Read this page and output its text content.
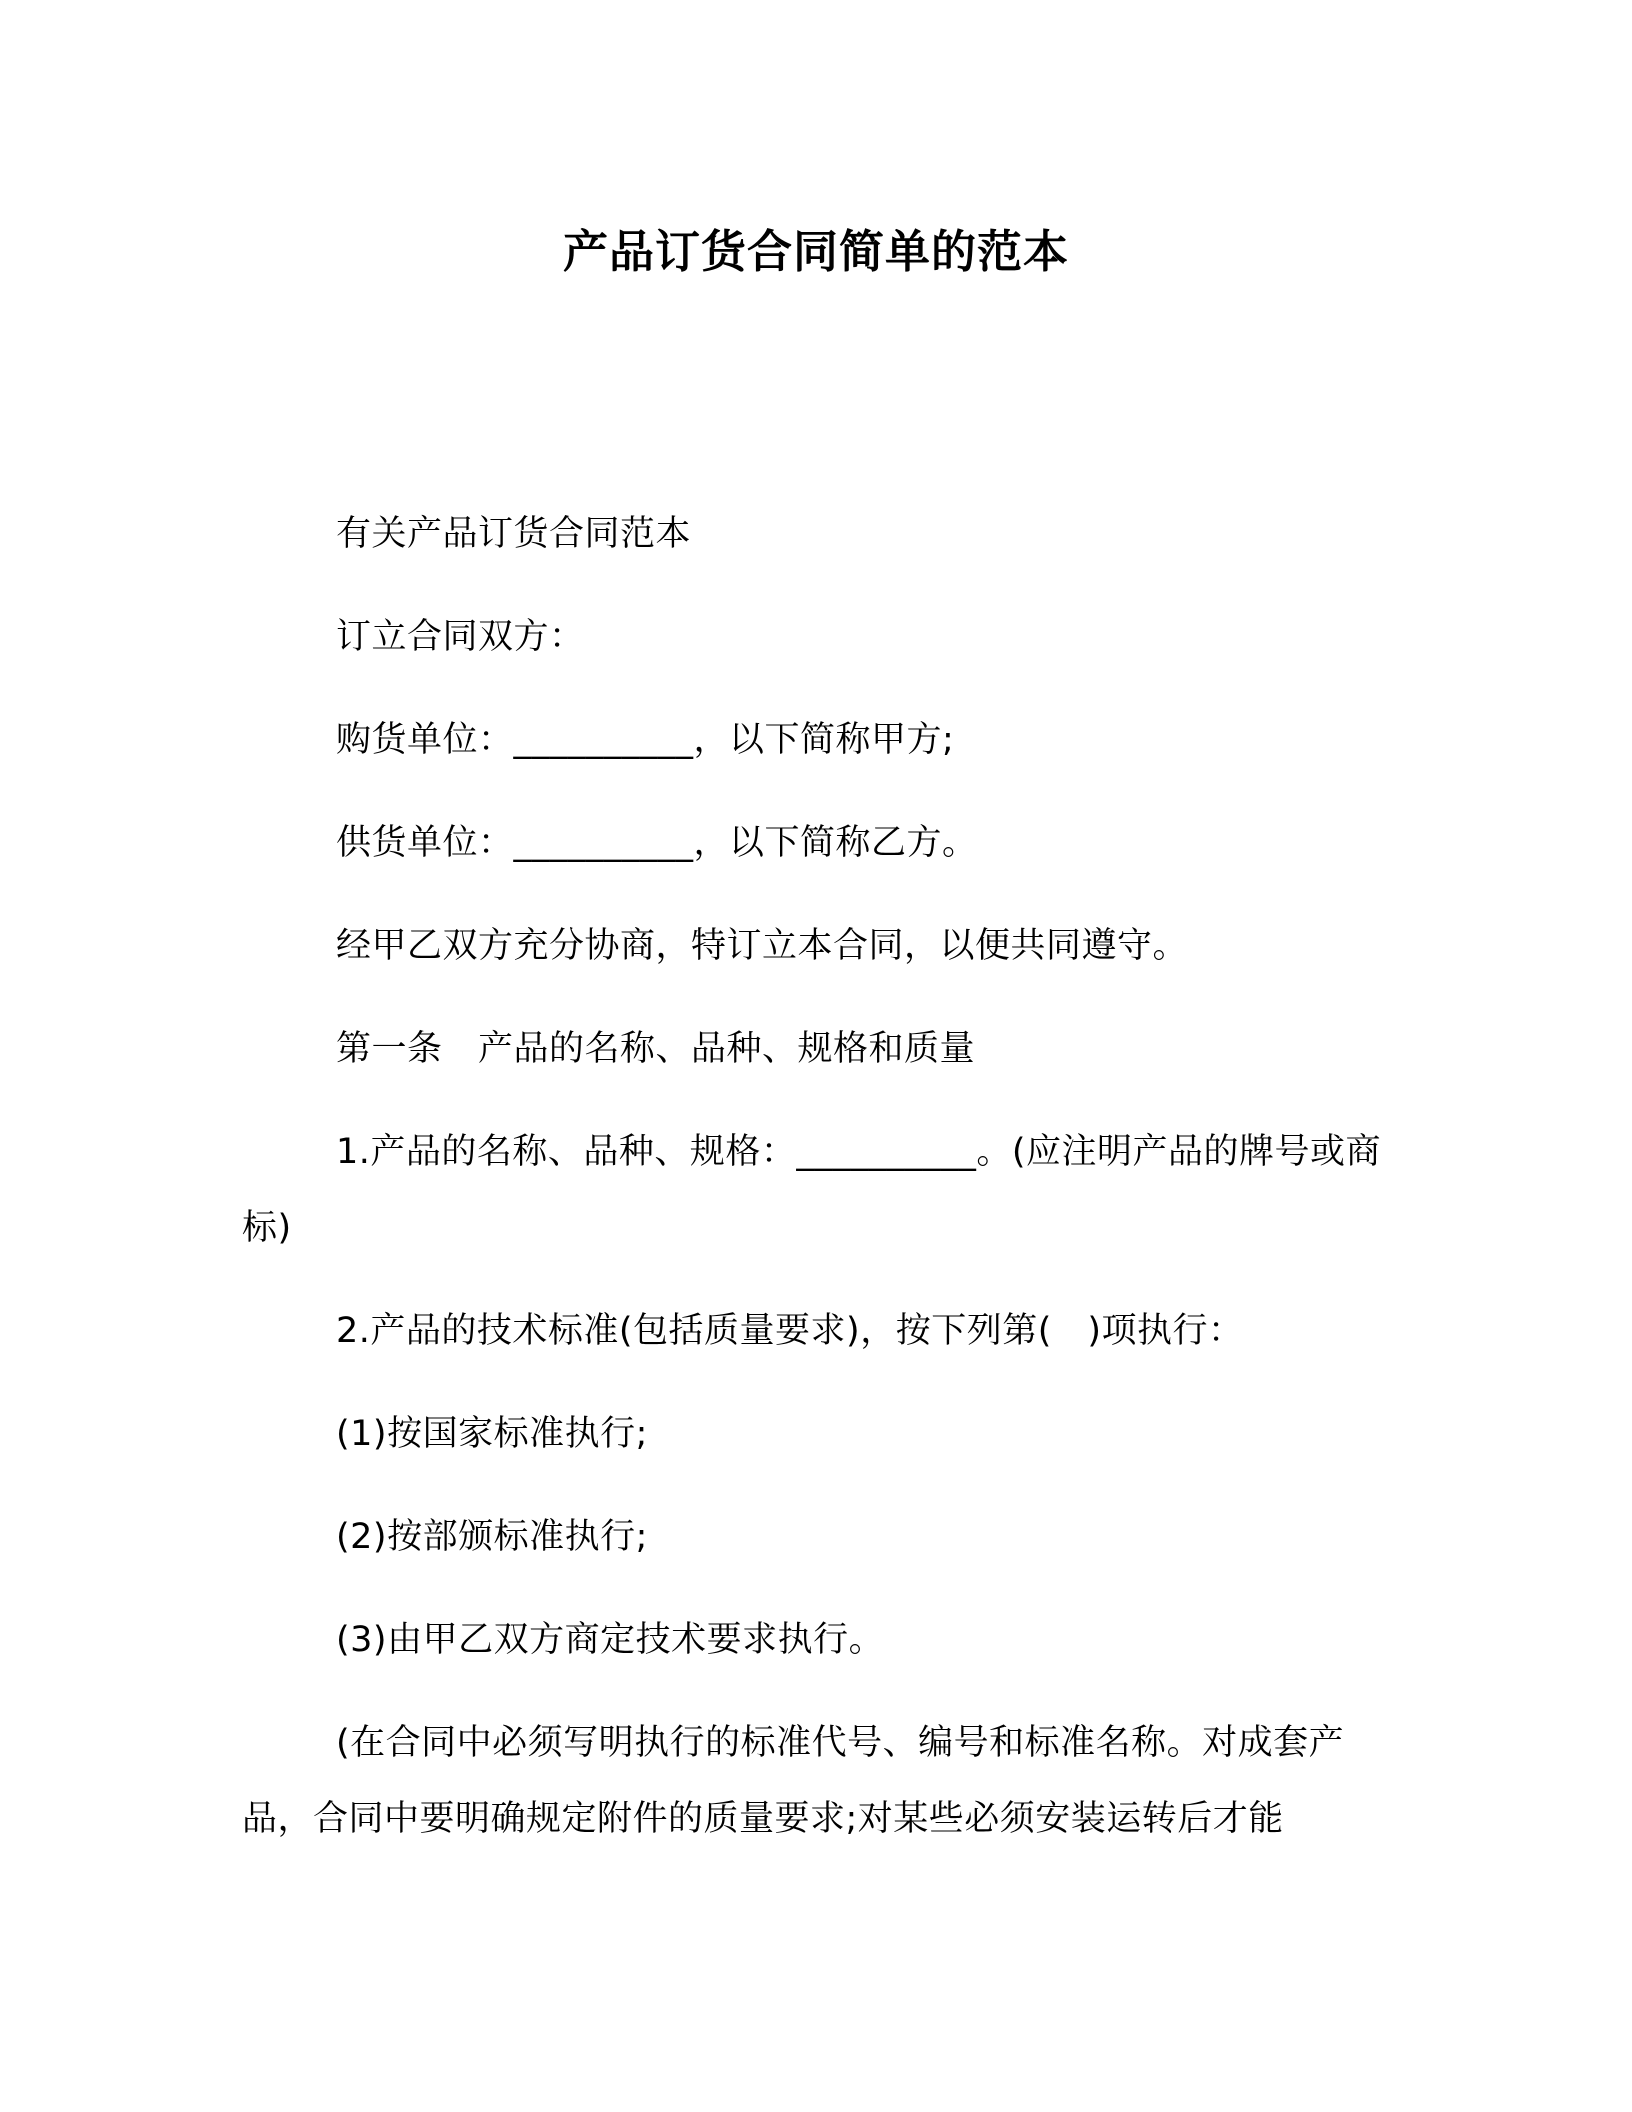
产品订货合同简单的范本

有关产品订货合同范本

订立合同双方：

购货单位：__________，以下简称甲方;

供货单位：__________，以下简称乙方。

经甲乙双方充分协商，特订立本合同，以便共同遵守。

第一条　产品的名称、品种、规格和质量

1.产品的名称、品种、规格：__________。(应注明产品的牌号或商标)

2.产品的技术标准(包括质量要求)，按下列第(　)项执行：

(1)按国家标准执行;

(2)按部颁标准执行;

(3)由甲乙双方商定技术要求执行。

(在合同中必须写明执行的标准代号、编号和标准名称。对成套产品，合同中要明确规定附件的质量要求;对某些必须安装运转后才能
